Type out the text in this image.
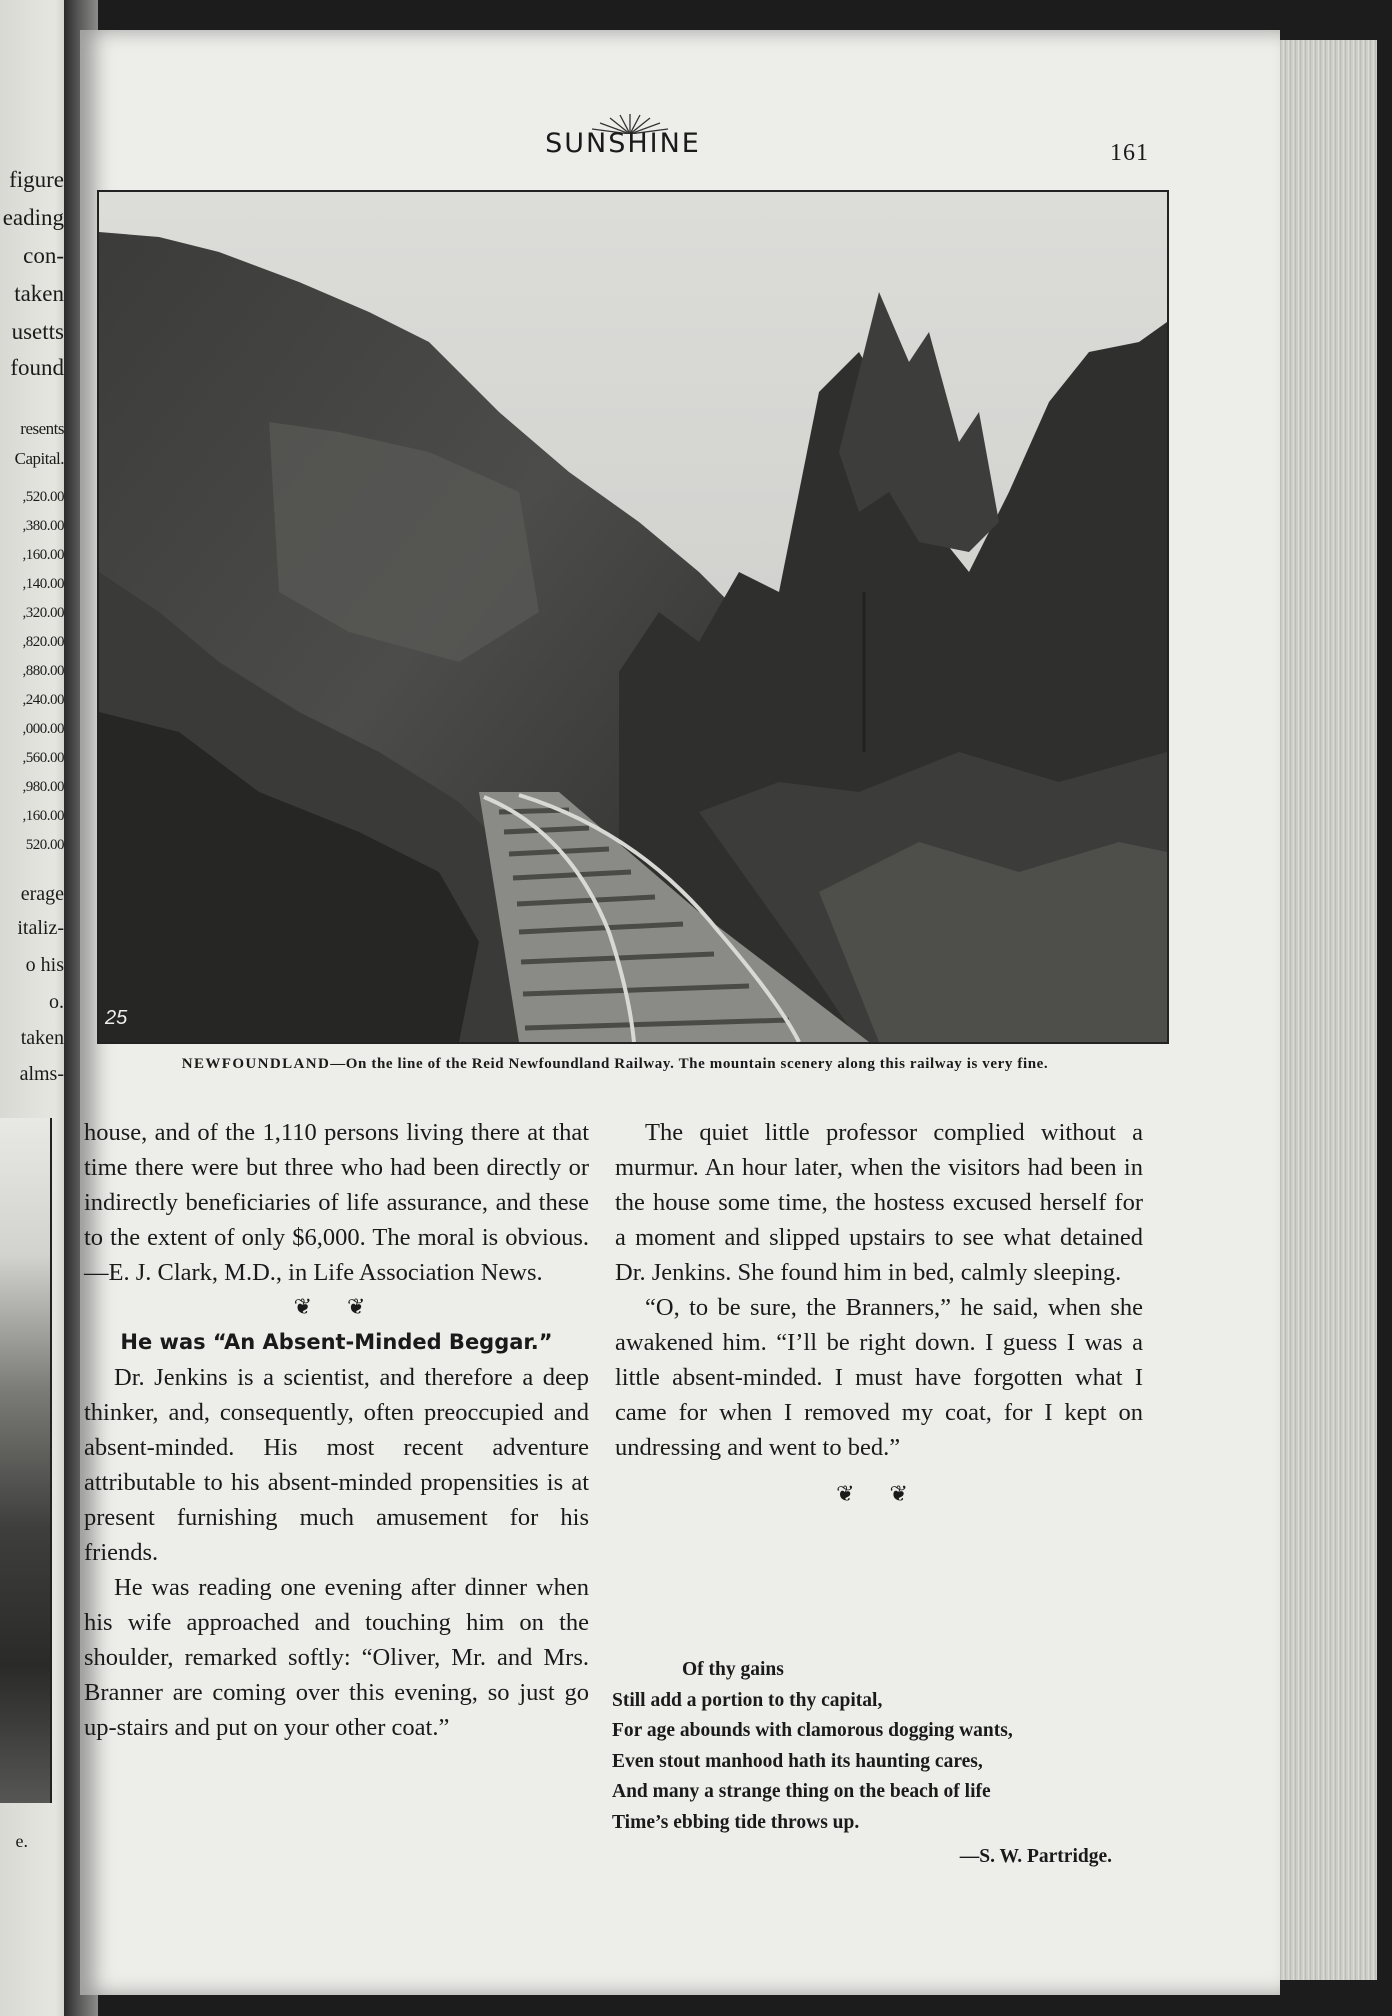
figure
eading
con-
taken
usetts
found
resents
Capital.
,520.00
,380.00
,160.00
,140.00
,320.00
,820.00
,880.00
,240.00
,000.00
,560.00
,980.00
,160.00
520.00
erage
italiz-
o his
o.
taken
alms-
e.
SUNSHINE	161
25
NEWFOUNDLAND—On the line of the Reid Newfoundland Railway. The mountain scenery along this railway is very fine.

house, and of the 1,110 persons living there at that time there were but three who had been directly or indirectly beneficiaries of life assurance, and these to the extent of only $6,000. The moral is obvious.—E. J. Clark, M.D., in Life Association News.

❦ ❦
He was “An Absent-Minded Beggar.”

Dr. Jenkins is a scientist, and therefore a deep thinker, and, consequently, often preoccupied and absent-minded. His most recent adventure attributable to his absent-minded propensities is at present furnishing much amusement for his friends.

He was reading one evening after dinner when his wife approached and touching him on the shoulder, remarked softly: “Oliver, Mr. and Mrs. Branner are coming over this evening, so just go up-stairs and put on your other coat.”

The quiet little professor complied without a murmur. An hour later, when the visitors had been in the house some time, the hostess excused herself for a moment and slipped upstairs to see what detained Dr. Jenkins. She found him in bed, calmly sleeping.

“O, to be sure, the Branners,” he said, when she awakened him. “I’ll be right down. I guess I was a little absent-minded. I must have forgotten what I came for when I removed my coat, for I kept on undressing and went to bed.”

❦ ❦
Of thy gains
Still add a portion to thy capital,
For age abounds with clamorous dogging wants,
Even stout manhood hath its haunting cares,
And many a strange thing on the beach of life
Time’s ebbing tide throws up.
—S. W. Partridge.
